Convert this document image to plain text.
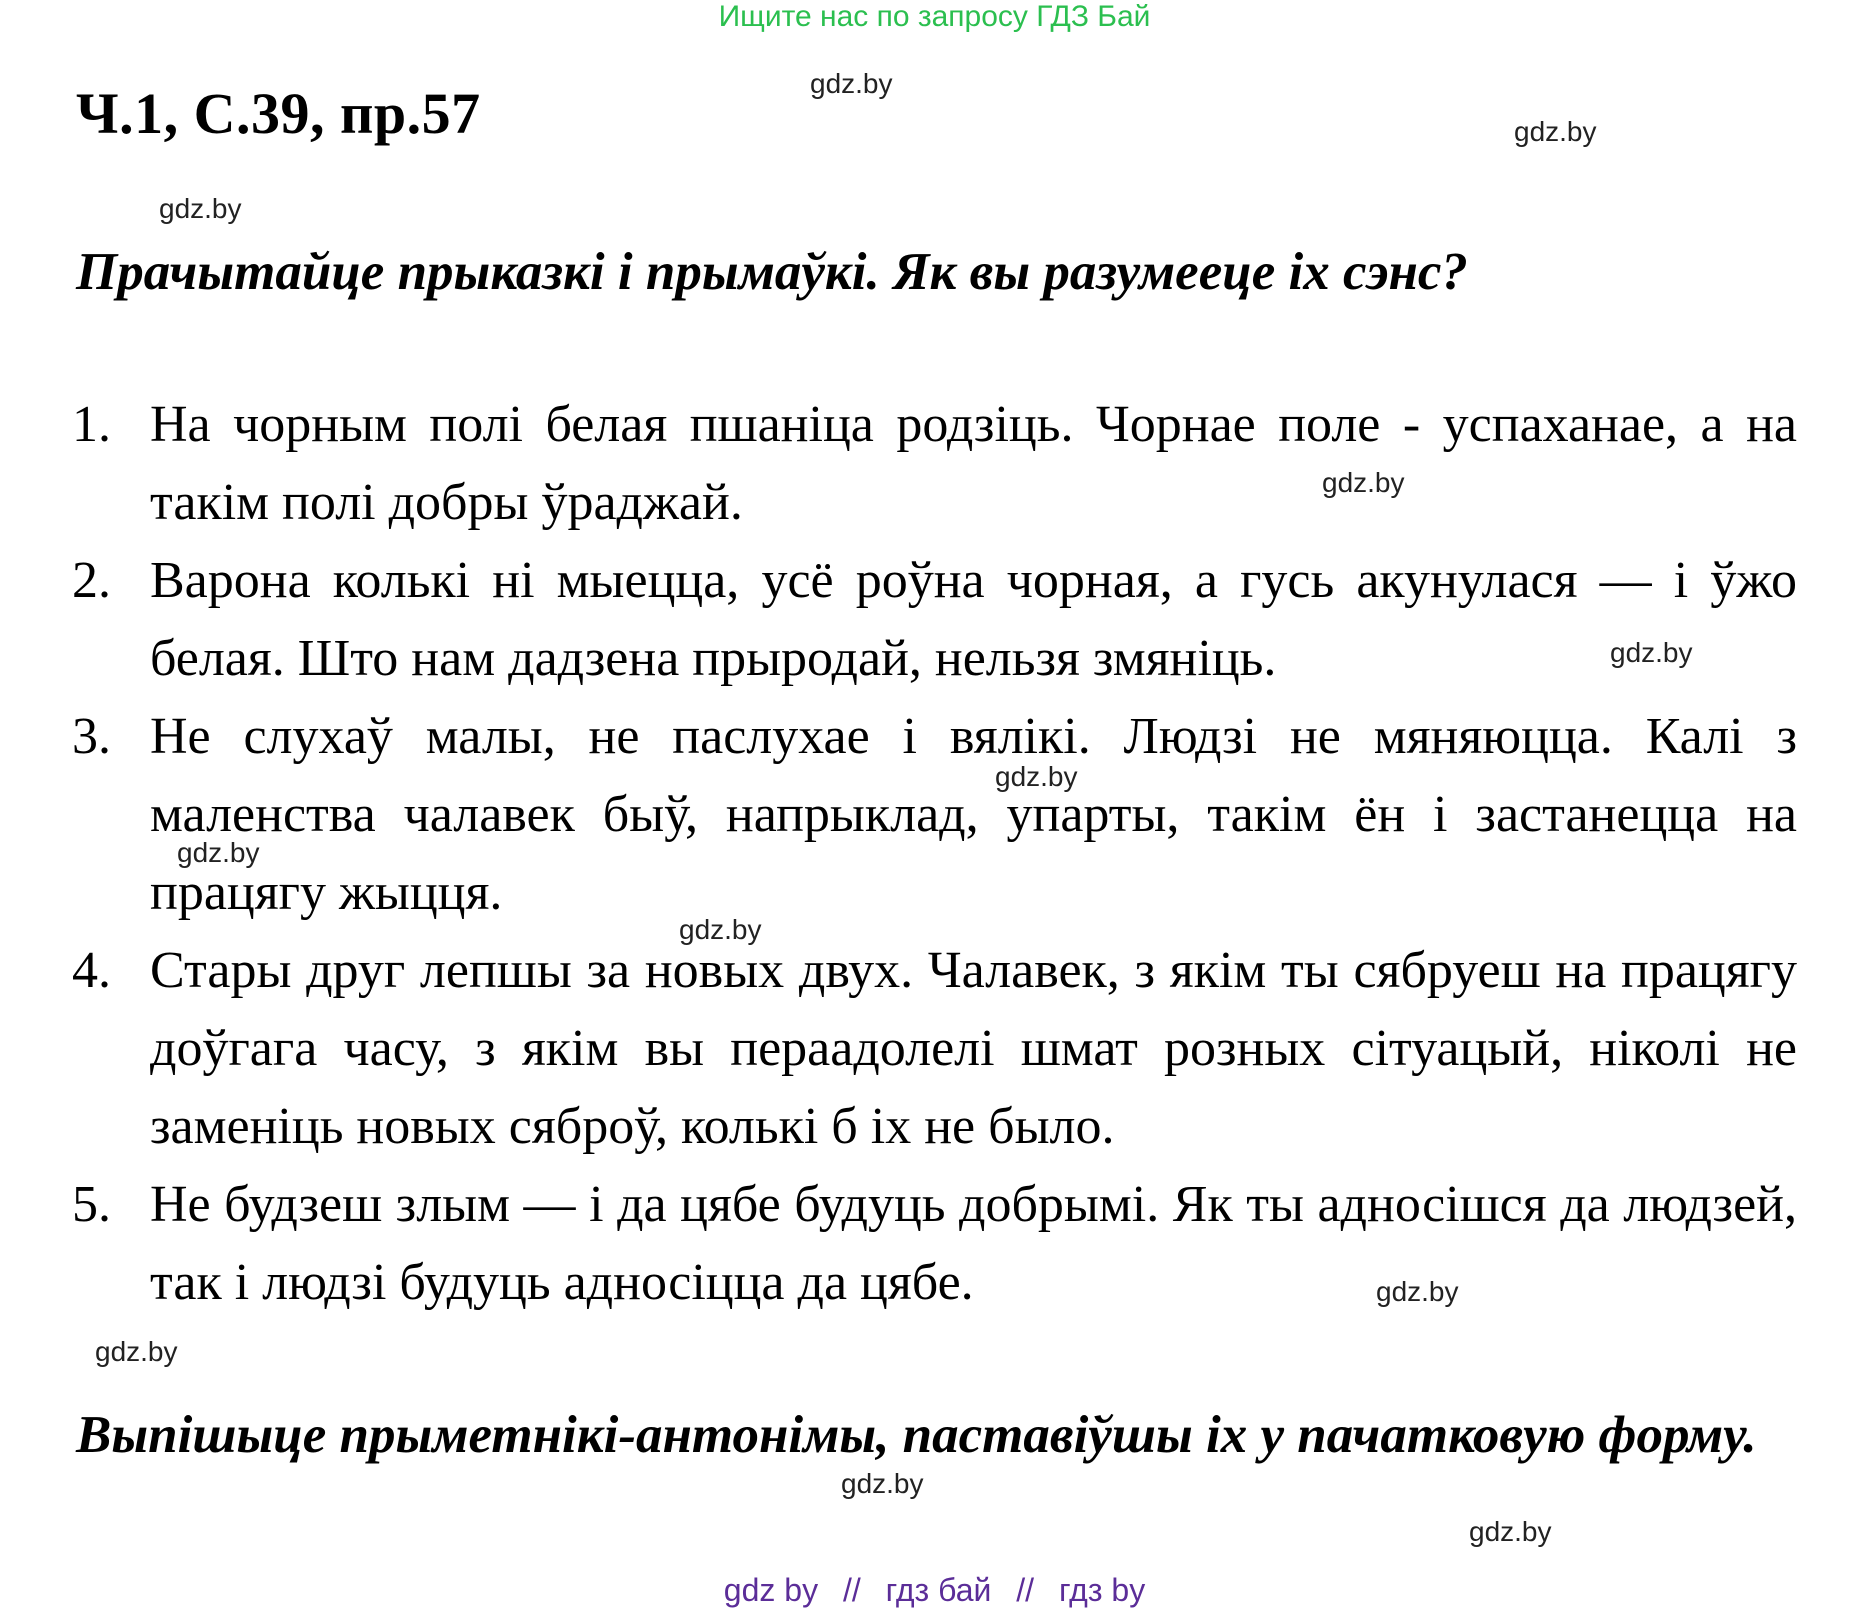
Ищите нас по запросу ГДЗ Бай
Ч.1, С.39, пр.57
Прачытайце прыказкі і прымаўкі. Як вы разумееце іх сэнс?
1. На чорным полі белая пшаніца родзіць. Чорнае поле - успаханае, а на такім полі добры ўраджай.
2. Варона колькі ні мыецца, усё роўна чорная, а гусь акунулася — і ўжо белая. Што нам дадзена прыродай, нельзя змяніць.
3. Не слухаў малы, не паслухае і вялікі. Людзі не мяняюцца. Калі з маленства чалавек быў, напрыклад, упарты, такім ён і застанецца на працягу жыцця.
4. Стары друг лепшы за новых двух. Чалавек, з якім ты сябруеш на працягу доўгага часу, з якім вы пераадолелі шмат розных сітуацый, ніколі не заменіць новых сяброў, колькі б іх не было.
5. Не будзеш злым — і да цябе будуць добрымі. Як ты адносішся да людзей, так і людзі будуць адносіцца да цябе.
Выпішыце прыметнікі-антонімы, паставіўшы іх у пачатковую форму.
gdz.by
gdz.by
gdz.by
gdz.by
gdz.by
gdz.by
gdz.by
gdz.by
gdz.by
gdz.by
gdz.by
gdz.by
gdz by // гдз бай // гдз by
